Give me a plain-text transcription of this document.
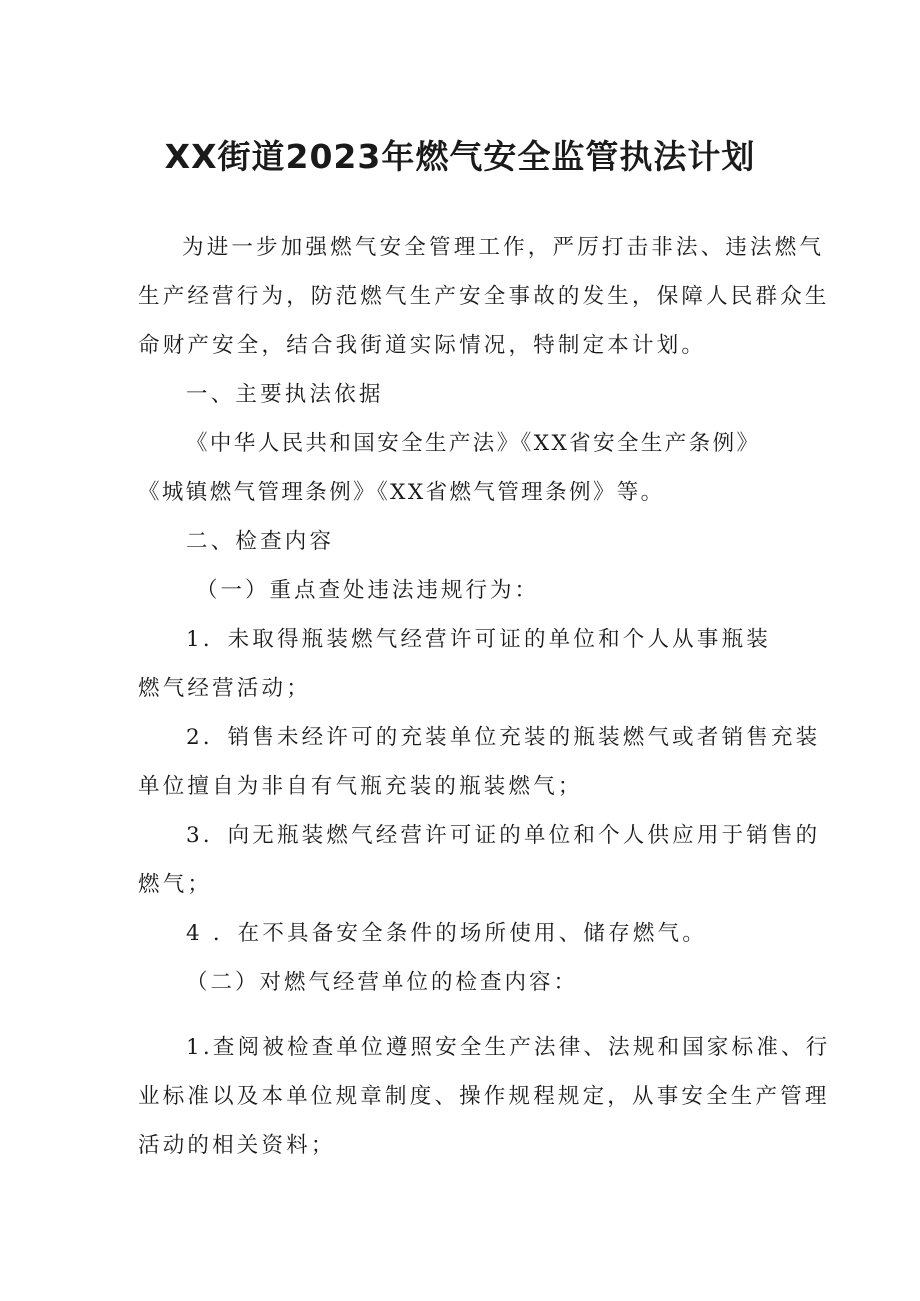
XX街道2023年燃气安全监管执法计划
为进一步加强燃气安全管理工作，严厉打击非法、违法燃气
生产经营行为，防范燃气生产安全事故的发生，保障人民群众生
命财产安全，结合我街道实际情况，特制定本计划。
一、主要执法依据
《中华人民共和国安全生产法》《XX省安全生产条例》
《城镇燃气管理条例》《XX省燃气管理条例》等。
二、检查内容
（一）重点查处违法违规行为：
1．未取得瓶装燃气经营许可证的单位和个人从事瓶装
燃气经营活动；
2．销售未经许可的充装单位充装的瓶装燃气或者销售充装
单位擅自为非自有气瓶充装的瓶装燃气；
3．向无瓶装燃气经营许可证的单位和个人供应用于销售的
燃气；
4 ．在不具备安全条件的场所使用、储存燃气。
（二）对燃气经营单位的检查内容：
1.查阅被检查单位遵照安全生产法律、法规和国家标准、行
业标准以及本单位规章制度、操作规程规定，从事安全生产管理
活动的相关资料；
